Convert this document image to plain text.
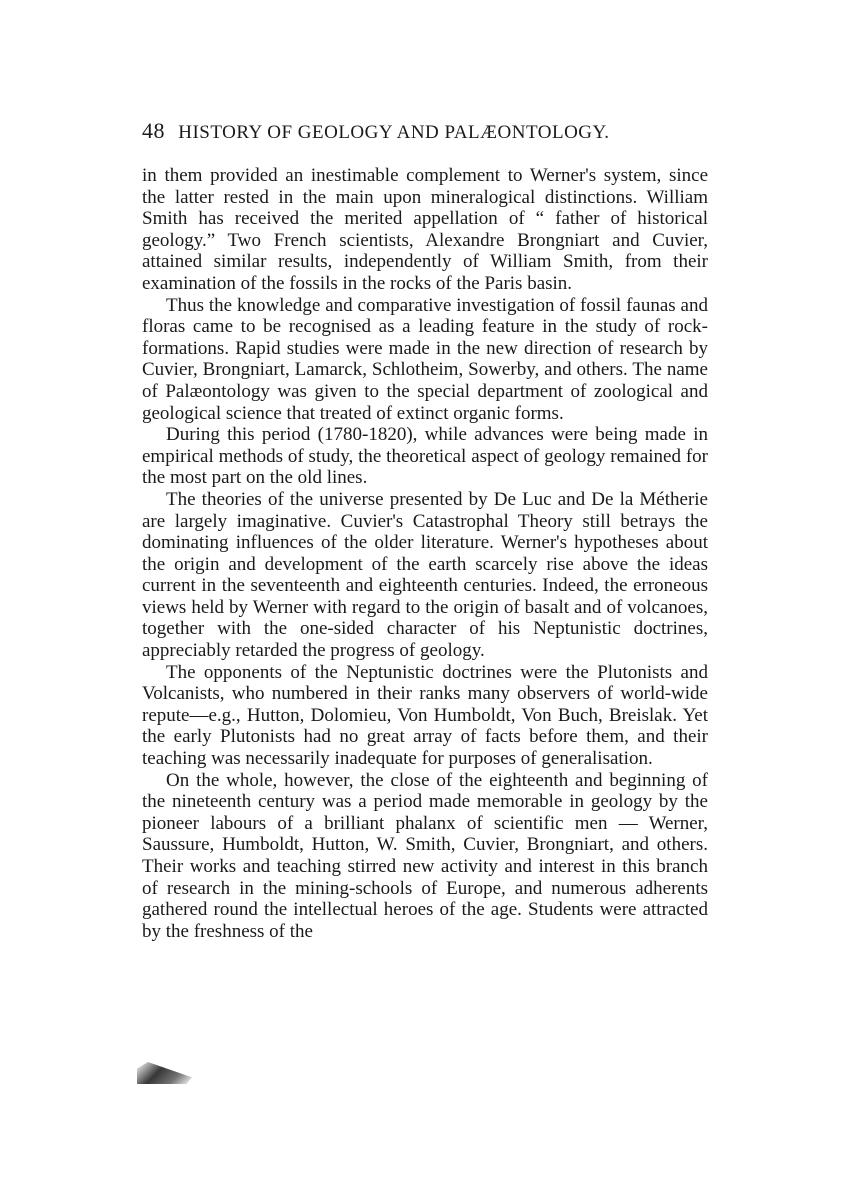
48 HISTORY OF GEOLOGY AND PALÆONTOLOGY.

in them provided an inestimable complement to Werner's system, since the latter rested in the main upon mineralogical distinctions. William Smith has received the merited appellation of “ father of historical geology.” Two French scientists, Alexandre Brongniart and Cuvier, attained similar results, independently of William Smith, from their examination of the fossils in the rocks of the Paris basin.

Thus the knowledge and comparative investigation of fossil faunas and floras came to be recognised as a leading feature in the study of rock-formations. Rapid studies were made in the new direction of research by Cuvier, Brongniart, Lamarck, Schlotheim, Sowerby, and others. The name of Palæontology was given to the special department of zoological and geological science that treated of extinct organic forms.

During this period (1780-1820), while advances were being made in empirical methods of study, the theoretical aspect of geology remained for the most part on the old lines.

The theories of the universe presented by De Luc and De la Métherie are largely imaginative. Cuvier's Catastrophal Theory still betrays the dominating influences of the older literature. Werner's hypotheses about the origin and development of the earth scarcely rise above the ideas current in the seventeenth and eighteenth centuries. Indeed, the erroneous views held by Werner with regard to the origin of basalt and of volcanoes, together with the one-sided character of his Neptunistic doctrines, appreciably retarded the progress of geology.

The opponents of the Neptunistic doctrines were the Plutonists and Volcanists, who numbered in their ranks many observers of world-wide repute—e.g., Hutton, Dolomieu, Von Humboldt, Von Buch, Breislak. Yet the early Plutonists had no great array of facts before them, and their teaching was necessarily inadequate for purposes of generalisation.

On the whole, however, the close of the eighteenth and beginning of the nineteenth century was a period made memorable in geology by the pioneer labours of a brilliant phalanx of scientific men — Werner, Saussure, Humboldt, Hutton, W. Smith, Cuvier, Brongniart, and others. Their works and teaching stirred new activity and interest in this branch of research in the mining-schools of Europe, and numerous adherents gathered round the intellectual heroes of the age. Students were attracted by the freshness of the
